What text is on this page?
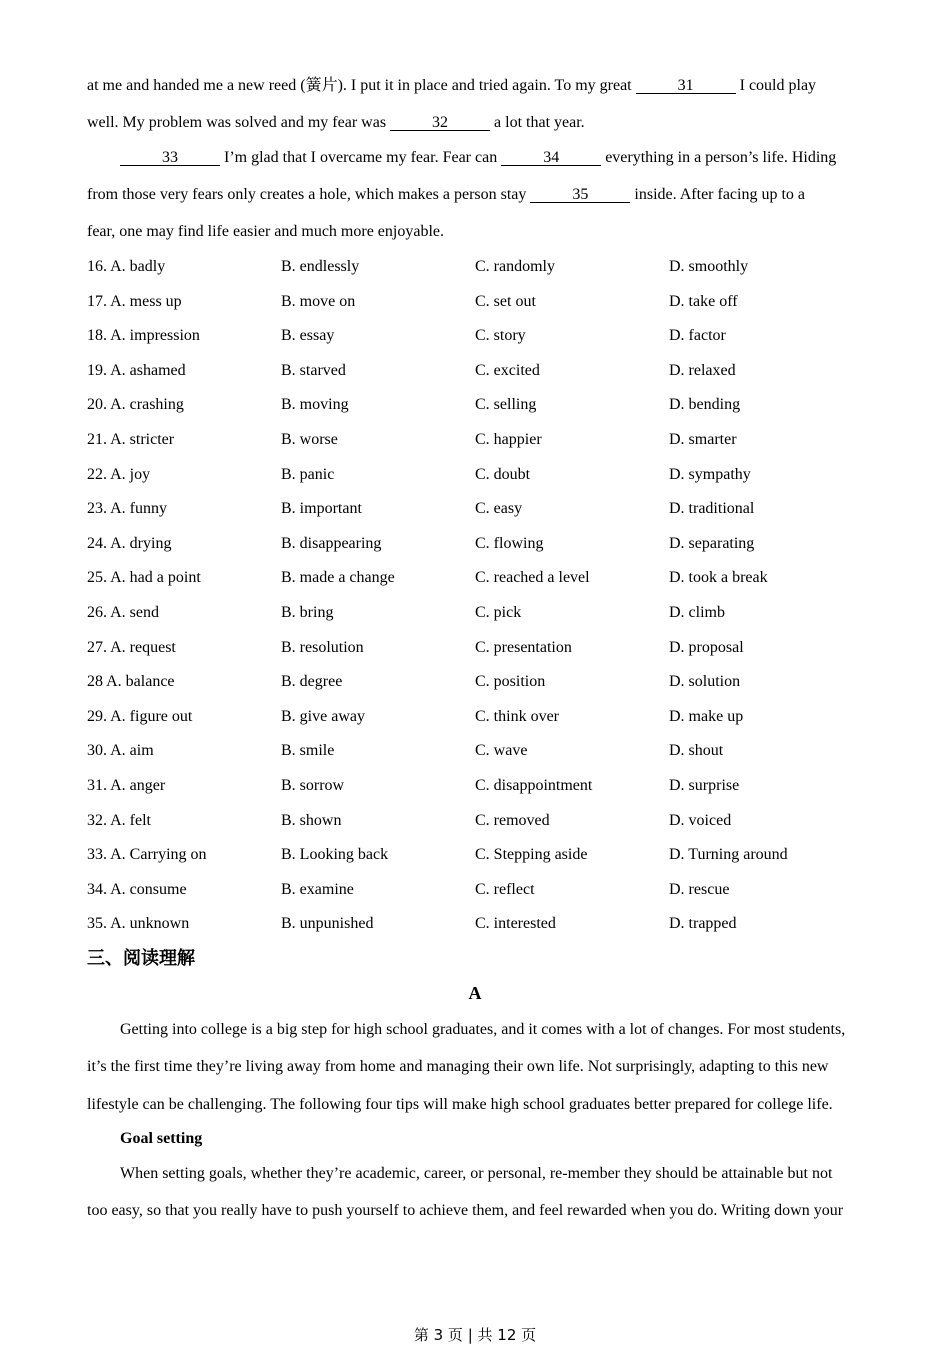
at me and handed me a new reed (簧片). I put it in place and tried again. To my great	31	I could play
well. My problem was solved and my fear was	32	a lot that year.
33	I’m glad that I overcame my fear. Fear can	34	everything in a person’s life. Hiding
from those very fears only creates a hole, which makes a person stay	35	inside. After facing up to a
fear, one may find life easier and much more enjoyable.
16. A. badly	B. endlessly	C. randomly	D. smoothly
17. A. mess up	B. move on	C. set out	D. take off
18. A. impression	B. essay	C. story	D. factor
19. A. ashamed	B. starved	C. excited	D. relaxed
20. A. crashing	B. moving	C. selling	D. bending
21. A. stricter	B. worse	C. happier	D. smarter
22. A. joy	B. panic	C. doubt	D. sympathy
23. A. funny	B. important	C. easy	D. traditional
24. A. drying	B. disappearing	C. flowing	D. separating
25. A. had a point	B. made a change	C. reached a level	D. took a break
26. A. send	B. bring	C. pick	D. climb
27. A. request	B. resolution	C. presentation	D. proposal
28 A. balance	B. degree	C. position	D. solution
29. A. figure out	B. give away	C. think over	D. make up
30. A. aim	B. smile	C. wave	D. shout
31. A. anger	B. sorrow	C. disappointment	D. surprise
32. A. felt	B. shown	C. removed	D. voiced
33. A. Carrying on	B. Looking back	C. Stepping aside	D. Turning around
34. A. consume	B. examine	C. reflect	D. rescue
35. A. unknown	B. unpunished	C. interested	D. trapped
三、阅读理解
A
Getting into college is a big step for high school graduates, and it comes with a lot of changes. For most students,
it’s the first time they’re living away from home and managing their own life. Not surprisingly, adapting to this new
lifestyle can be challenging. The following four tips will make high school graduates better prepared for college life.
Goal setting
When setting goals, whether they’re academic, career, or personal, re-member they should be attainable but not
too easy, so that you really have to push yourself to achieve them, and feel rewarded when you do. Writing down your
第 3 页 | 共 12 页
